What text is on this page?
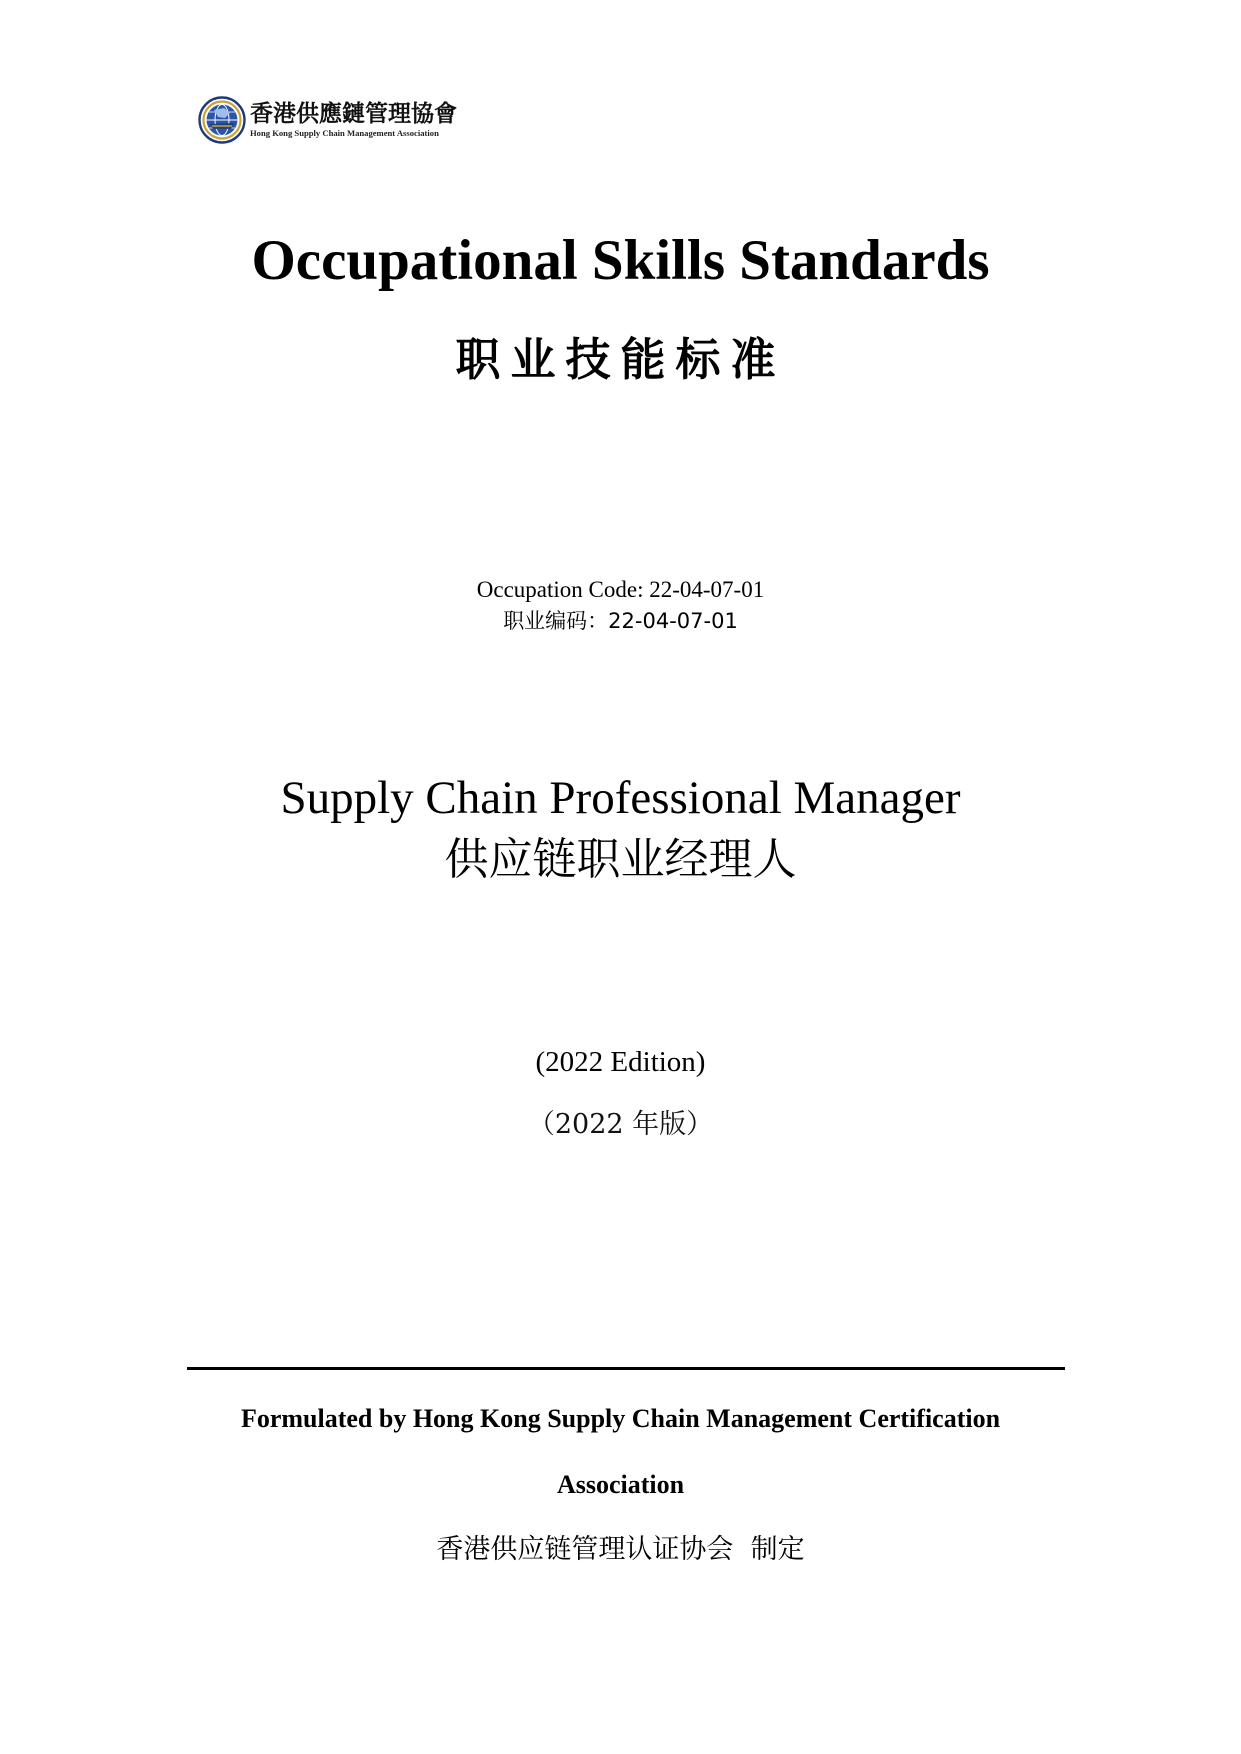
香港供應鏈管理協會
Hong Kong Supply Chain Management Association
Occupational Skills Standards
职业技能标准
Occupation Code: 22-04-07-01
职业编码：22-04-07-01
Supply Chain Professional Manager
供应链职业经理人
(2022 Edition)
（2022 年版）
Formulated by Hong Kong Supply Chain Management Certification
Association
香港供应链管理认证协会  制定
